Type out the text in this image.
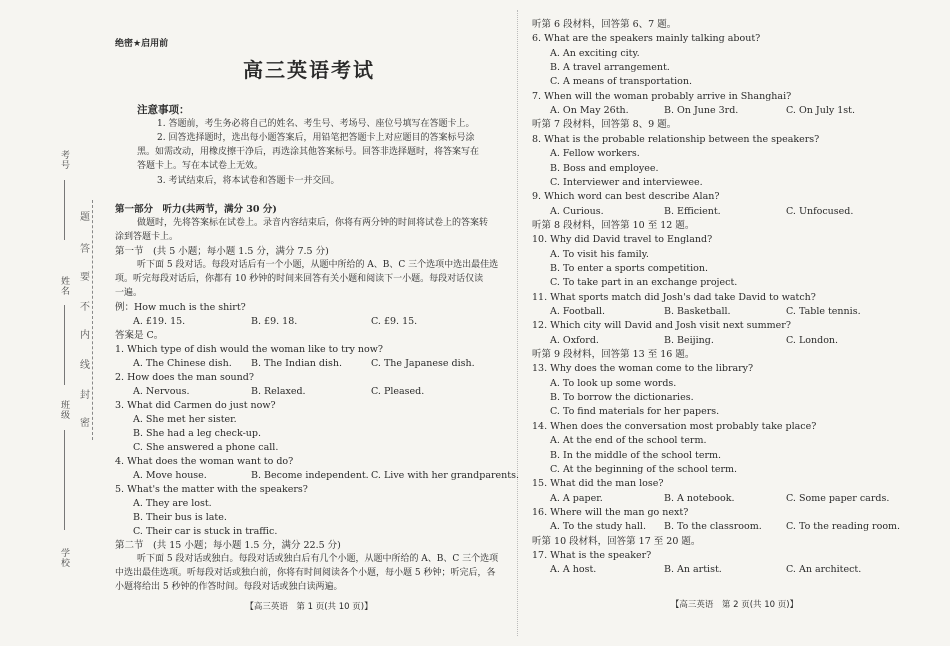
考号
姓名
班级
学校
题
答
要
不
内
线
封
密
绝密★启用前
高三英语考试
注意事项：
1. 答题前，考生务必将自己的姓名、考生号、考场号、座位号填写在答题卡上。
2. 回答选择题时，选出每小题答案后，用铅笔把答题卡上对应题目的答案标号涂
黑。如需改动，用橡皮擦干净后，再选涂其他答案标号。回答非选择题时，将答案写在
答题卡上。写在本试卷上无效。
3. 考试结束后，将本试卷和答题卡一并交回。
第一部分　听力(共两节，满分 30 分)
做题时，先将答案标在试卷上。录音内容结束后，你将有两分钟的时间将试卷上的答案转
涂到答题卡上。
第一节　(共 5 小题；每小题 1.5 分，满分 7.5 分)
听下面 5 段对话。每段对话后有一个小题，从题中所给的 A、B、C 三个选项中选出最佳选
项。听完每段对话后，你都有 10 秒钟的时间来回答有关小题和阅读下一小题。每段对话仅读
一遍。
例：How much is the shirt?
A. £19. 15.	B. £9. 18.	C. £9. 15.
答案是 C。
1. Which type of dish would the woman like to try now?
A. The Chinese dish. B. The Indian dish.	C. The Japanese dish.
2. How does the man sound?
A. Nervous.	B. Relaxed.	C. Pleased.
3. What did Carmen do just now?
A. She met her sister.
B. She had a leg check-up.
C. She answered a phone call.
4. What does the woman want to do?
A. Move house.	B. Become independent. C. Live with her grandparents.
5. What's the matter with the speakers?
A. They are lost.
B. Their bus is late.
C. Their car is stuck in traffic.
第二节　(共 15 小题；每小题 1.5 分，满分 22.5 分)
听下面 5 段对话或独白。每段对话或独白后有几个小题，从题中所给的 A、B、C 三个选项
中选出最佳选项。听每段对话或独白前，你将有时间阅读各个小题，每小题 5 秒钟；听完后，各
小题将给出 5 秒钟的作答时间。每段对话或独白读两遍。
【高三英语　第 1 页(共 10 页)】
听第 6 段材料，回答第 6、7 题。
6. What are the speakers mainly talking about?
A. An exciting city.
B. A travel arrangement.
C. A means of transportation.
7. When will the woman probably arrive in Shanghai?
A. On May 26th.	B. On June 3rd.	C. On July 1st.
听第 7 段材料，回答第 8、9 题。
8. What is the probable relationship between the speakers?
A. Fellow workers.
B. Boss and employee.
C. Interviewer and interviewee.
9. Which word can best describe Alan?
A. Curious.	B. Efficient.	C. Unfocused.
听第 8 段材料，回答第 10 至 12 题。
10. Why did David travel to England?
A. To visit his family.
B. To enter a sports competition.
C. To take part in an exchange project.
11. What sports match did Josh's dad take David to watch?
A. Football.	B. Basketball.	C. Table tennis.
12. Which city will David and Josh visit next summer?
A. Oxford.	B. Beijing.	C. London.
听第 9 段材料，回答第 13 至 16 题。
13. Why does the woman come to the library?
A. To look up some words.
B. To borrow the dictionaries.
C. To find materials for her papers.
14. When does the conversation most probably take place?
A. At the end of the school term.
B. In the middle of the school term.
C. At the beginning of the school term.
15. What did the man lose?
A. A paper.	B. A notebook.	C. Some paper cards.
16. Where will the man go next?
A. To the study hall. B. To the classroom.	C. To the reading room.
听第 10 段材料，回答第 17 至 20 题。
17. What is the speaker?
A. A host.	B. An artist.	C. An architect.
【高三英语　第 2 页(共 10 页)】
